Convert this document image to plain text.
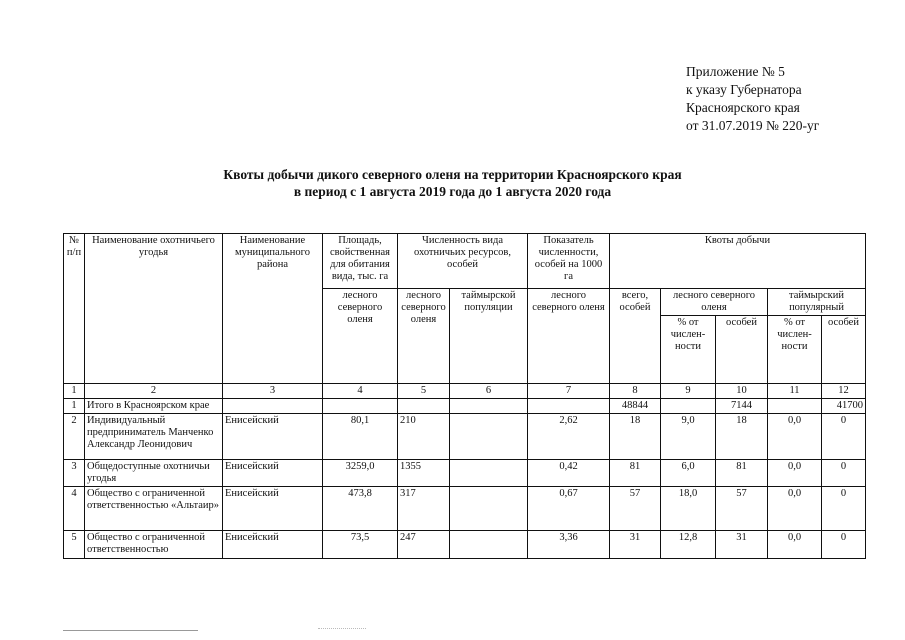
Приложение № 5
к указу Губернатора
Красноярского края
от 31.07.2019 № 220-уг
Квоты добычи дикого северного оленя на территории Красноярского края
в период с 1 августа 2019 года до 1 августа 2020 года
№ п/п	Наименование охотничьего угодья	Наименование муниципального района	Площадь, свойственная для обитания вида, тыс. га	Численность вида охотничьих ресурсов, особей		Показатель численности, особей на 1000 га	Квоты добычи				
			лесного северного оленя	лесного северного оленя	таймырской популяции	лесного северного оленя	всего, особей	лесного северного оленя		таймырский популярный	
								% от числен-ности	особей	% от числен-ности	особей
1	2	3	4	5	6	7	8	9	10	11	12
1	Итого в Красноярском крае						48844		7144		41700
2	Индивидуальный предприниматель Манченко Александр Леонидович	Енисейский	80,1	210		2,62	18	9,0	18	0,0	0
3	Общедоступные охотничьи угодья	Енисейский	3259,0	1355		0,42	81	6,0	81	0,0	0
4	Общество с ограниченной ответственностью «Альтаир»	Енисейский	473,8	317		0,67	57	18,0	57	0,0	0
5	Общество с ограниченной ответственностью	Енисейский	73,5	247		3,36	31	12,8	31	0,0	0
